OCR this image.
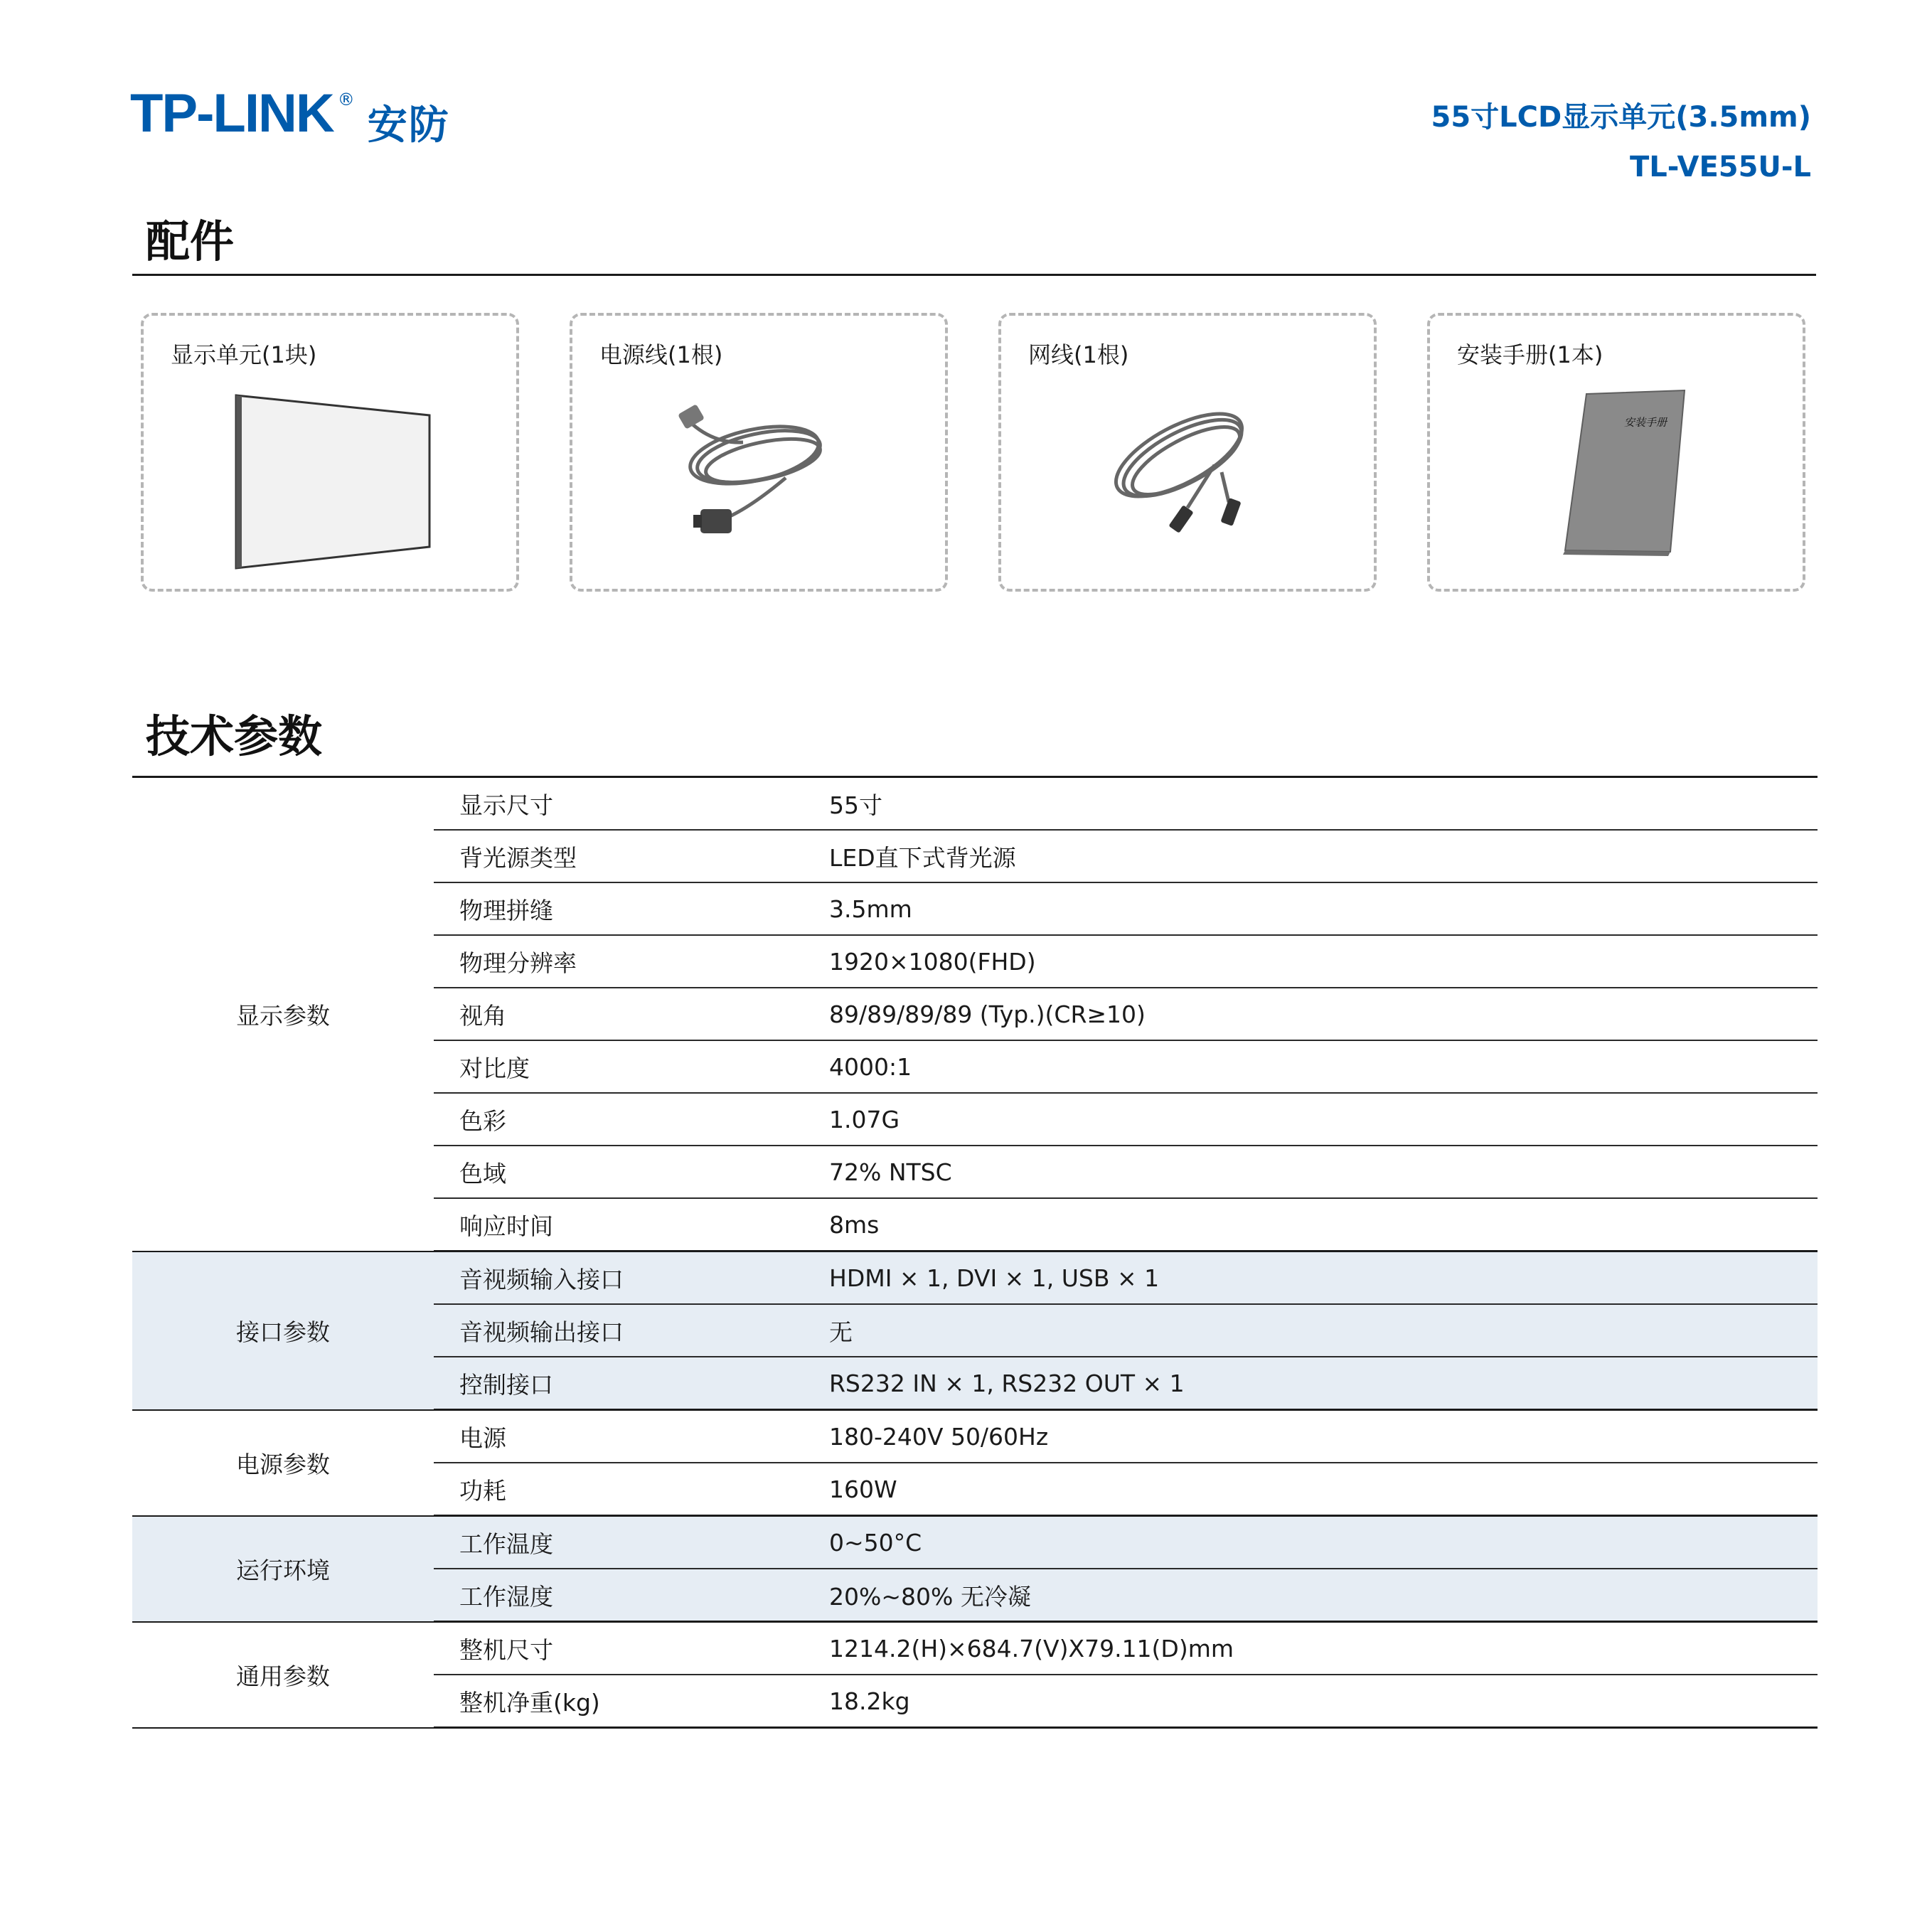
TP-LINK ®
安防	55寸LCD显示单元(3.5mm)
TL-VE55U-L
配件
显示单元(1块)	电源线(1根)	网线(1根)	安装手册(1本)
安装手册
技术参数
显示参数	显示尺寸	55寸
	背光源类型	LED直下式背光源
	物理拼缝	3.5mm
	物理分辨率	1920×1080(FHD)
	视角	89/89/89/89 (Typ.)(CR≥10)
	对比度	4000:1
	色彩	1.07G
	色域	72% NTSC
	响应时间	8ms
接口参数	音视频输入接口	HDMI × 1, DVI × 1, USB × 1
	音视频输出接口	无
	控制接口	RS232 IN × 1, RS232 OUT × 1
电源参数	电源	180-240V 50/60Hz
	功耗	160W
运行环境	工作温度	0~50°C
	工作湿度	20%~80% 无冷凝
通用参数	整机尺寸	1214.2(H)×684.7(V)X79.11(D)mm
	整机净重(kg)	18.2kg
